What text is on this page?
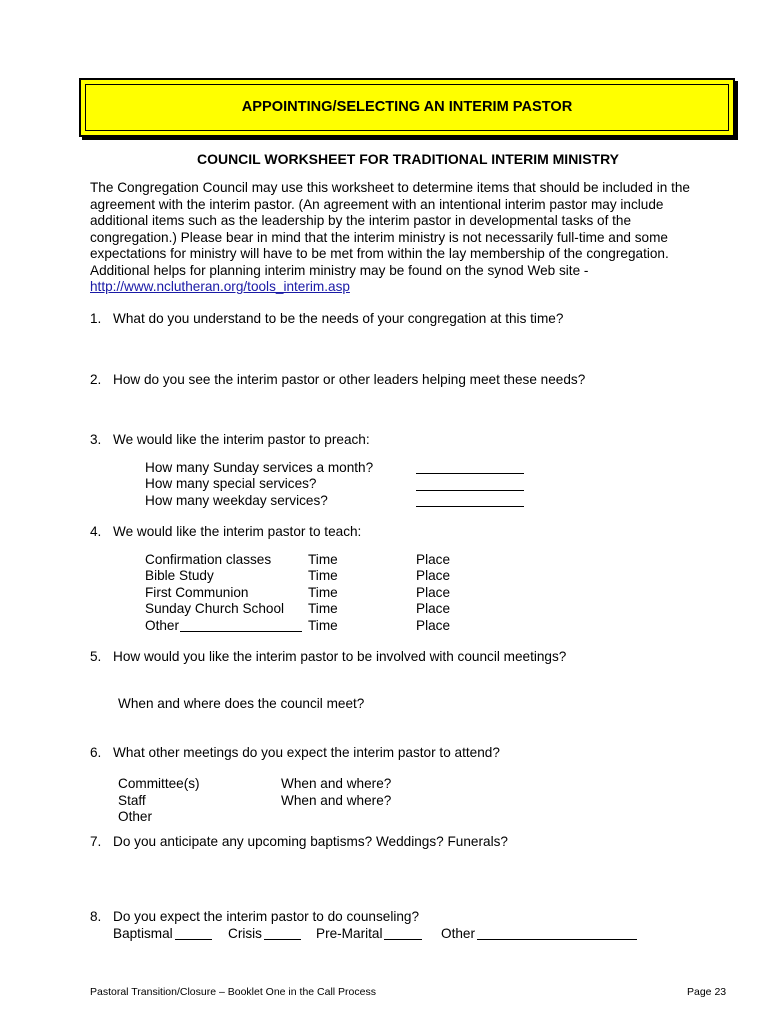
APPOINTING/SELECTING AN INTERIM PASTOR
COUNCIL WORKSHEET FOR TRADITIONAL INTERIM MINISTRY
The Congregation Council may use this worksheet to determine items that should be included in the
agreement with the interim pastor. (An agreement with an intentional interim pastor may include
additional items such as the leadership by the interim pastor in developmental tasks of the
congregation.) Please bear in mind that the interim ministry is not necessarily full-time and some
expectations for ministry will have to be met from within the lay membership of the congregation.
Additional helps for planning interim ministry may be found on the synod Web site -
http://www.nclutheran.org/tools_interim.asp
1. What do you understand to be the needs of your congregation at this time?
2. How do you see the interim pastor or other leaders helping meet these needs?
3. We would like the interim pastor to preach:
How many Sunday services a month?
How many special services?
How many weekday services?
4. We would like the interim pastor to teach:
Confirmation classes	Time	Place
Bible Study	Time	Place
First Communion	Time	Place
Sunday Church School Time	Place
Other	Time	Place
5. How would you like the interim pastor to be involved with council meetings?
When and where does the council meet?
6. What other meetings do you expect the interim pastor to attend?
Committee(s)	When and where?
Staff	When and where?
Other
7. Do you anticipate any upcoming baptisms? Weddings? Funerals?
8. Do you expect the interim pastor to do counseling?
Baptismal	Crisis	Pre-Marital	Other
Pastoral Transition/Closure – Booklet One in the Call Process	Page 23
